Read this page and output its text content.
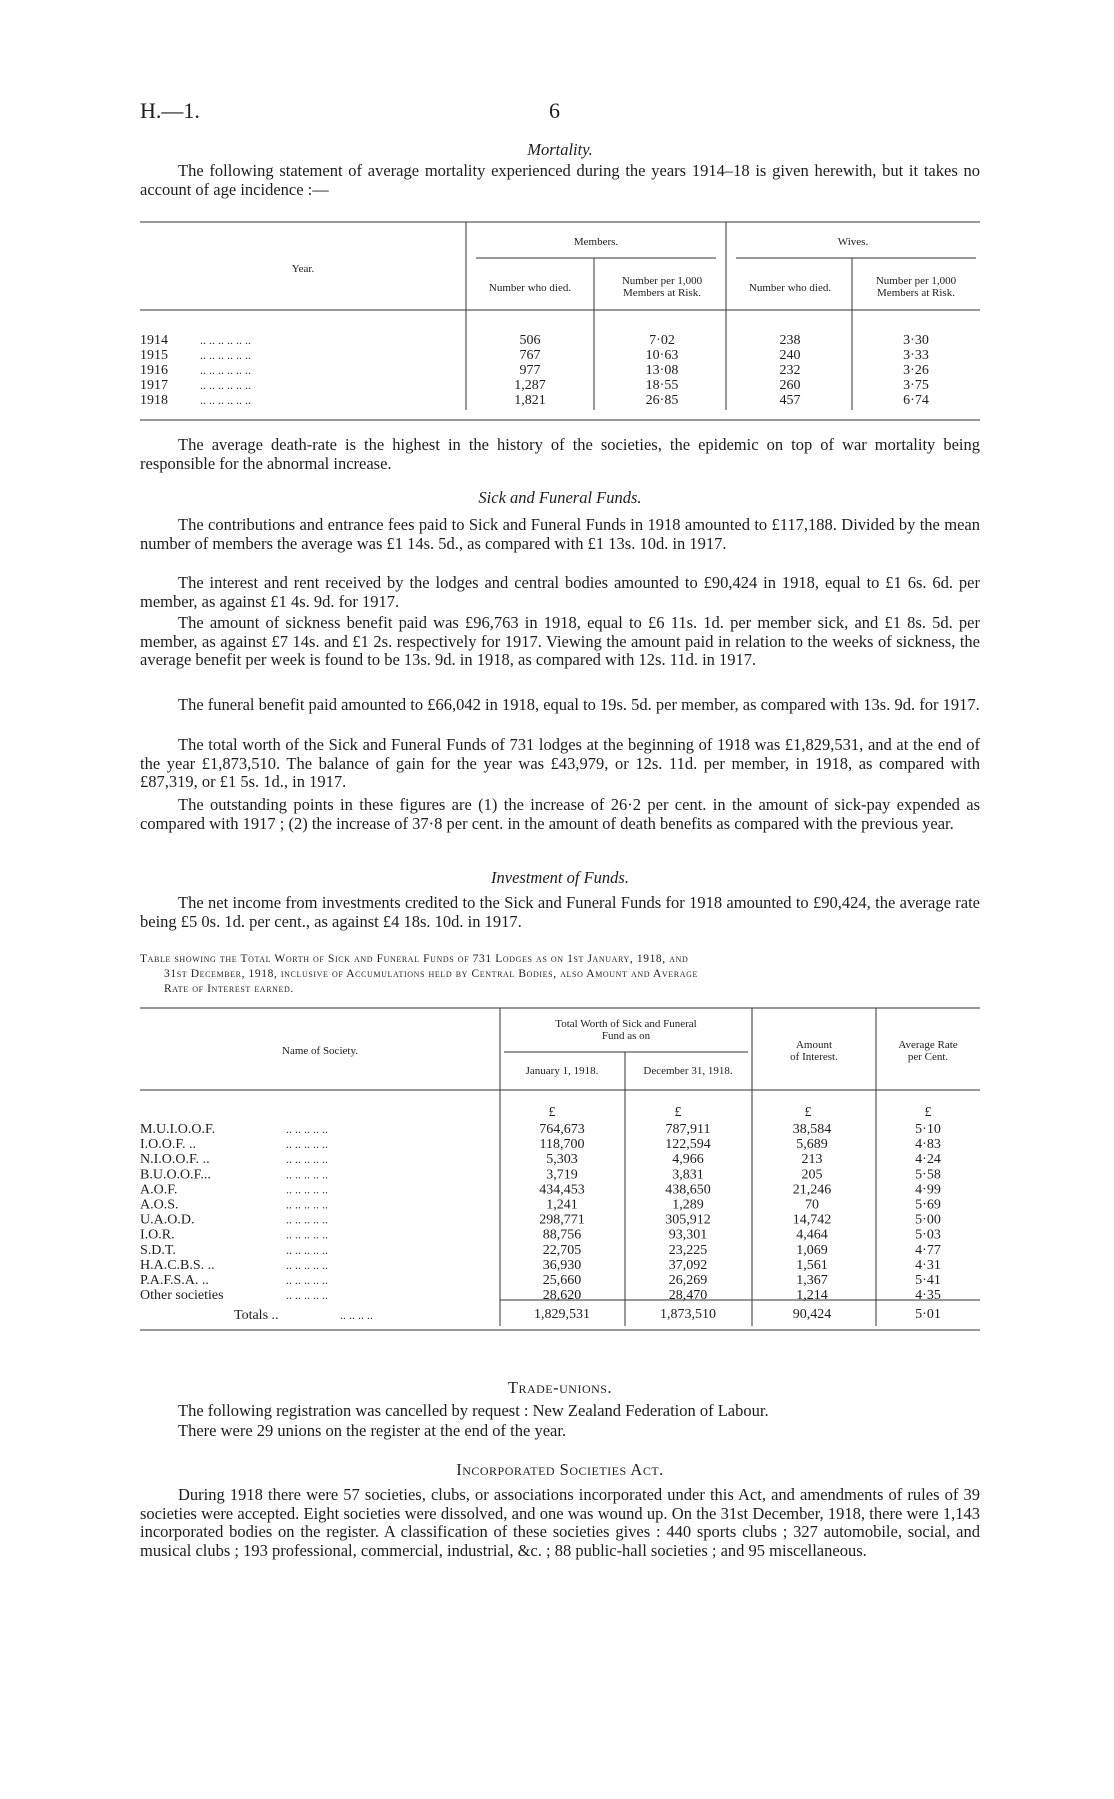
H.—1.	6
Mortality.
The following statement of average mortality experienced during the years 1914–18 is given herewith, but it takes no account of age incidence :—
Year.
Members.	Wives.
Number who died.
Number per 1,000
Members at Risk.	Number who died.
Number per 1,000
Members at Risk.
1914	.. .. .. .. .. ..	506	7·02	238	3·30
1915	.. .. .. .. .. ..	767	10·63	240	3·33
1916	.. .. .. .. .. ..	977	13·08	232	3·26
1917	.. .. .. .. .. ..	1,287	18·55	260	3·75
1918	.. .. .. .. .. ..	1,821	26·85	457	6·74
The average death-rate is the highest in the history of the societies, the epidemic on top of war mortality being responsible for the abnormal increase.
Sick and Funeral Funds.
The contributions and entrance fees paid to Sick and Funeral Funds in 1918 amounted to £117,188. Divided by the mean number of members the average was £1 14s. 5d., as compared with £1 13s. 10d. in 1917.
The interest and rent received by the lodges and central bodies amounted to £90,424 in 1918, equal to £1 6s. 6d. per member, as against £1 4s. 9d. for 1917.
The amount of sickness benefit paid was £96,763 in 1918, equal to £6 11s. 1d. per member sick, and £1 8s. 5d. per member, as against £7 14s. and £1 2s. respectively for 1917. Viewing the amount paid in relation to the weeks of sickness, the average benefit per week is found to be 13s. 9d. in 1918, as compared with 12s. 11d. in 1917.
The funeral benefit paid amounted to £66,042 in 1918, equal to 19s. 5d. per member, as compared with 13s. 9d. for 1917.
The total worth of the Sick and Funeral Funds of 731 lodges at the beginning of 1918 was £1,829,531, and at the end of the year £1,873,510. The balance of gain for the year was £43,979, or 12s. 11d. per member, in 1918, as compared with £87,319, or £1 5s. 1d., in 1917.
The outstanding points in these figures are (1) the increase of 26·2 per cent. in the amount of sick-pay expended as compared with 1917 ; (2) the increase of 37·8 per cent. in the amount of death benefits as compared with the previous year.
Investment of Funds.
The net income from investments credited to the Sick and Funeral Funds for 1918 amounted to £90,424, the average rate being £5 0s. 1d. per cent., as against £4 18s. 10d. in 1917.
Table showing the Total Worth of Sick and Funeral Funds of 731 Lodges as on 1st January, 1918, and
31st December, 1918, inclusive of Accumulations held by Central Bodies, also Amount and Average
Rate of Interest earned.
Name of Society.
Total Worth of Sick and Funeral
Fund as on
January 1, 1918.	December 31, 1918.
Amount
of Interest.
Average Rate
per Cent.
£	£	£	£
M.U.I.O.O.F.	.. .. .. .. ..	764,673	787,911	38,584	5·10
I.O.O.F. ..	.. .. .. .. ..	118,700	122,594	5,689	4·83
N.I.O.O.F. ..	.. .. .. .. ..	5,303	4,966	213	4·24
B.U.O.O.F...	.. .. .. .. ..	3,719	3,831	205	5·58
A.O.F.	.. .. .. .. ..	434,453	438,650	21,246	4·99
A.O.S.	.. .. .. .. ..	1,241	1,289	70	5·69
U.A.O.D.	.. .. .. .. ..	298,771	305,912	14,742	5·00
I.O.R.	.. .. .. .. ..	88,756	93,301	4,464	5·03
S.D.T.	.. .. .. .. ..	22,705	23,225	1,069	4·77
H.A.C.B.S. ..	.. .. .. .. ..	36,930	37,092	1,561	4·31
P.A.F.S.A. ..	.. .. .. .. ..	25,660	26,269	1,367	5·41
Other societies	.. .. .. .. ..	28,620	28,470	1,214	4·35
Totals ..	.. .. .. ..	1,829,531	1,873,510	90,424	5·01
Trade-unions.
The following registration was cancelled by request : New Zealand Federation of Labour.
There were 29 unions on the register at the end of the year.
Incorporated Societies Act.
During 1918 there were 57 societies, clubs, or associations incorporated under this Act, and amendments of rules of 39 societies were accepted. Eight societies were dissolved, and one was wound up. On the 31st December, 1918, there were 1,143 incorporated bodies on the register. A classification of these societies gives : 440 sports clubs ; 327 automobile, social, and musical clubs ; 193 professional, commercial, industrial, &c. ; 88 public-hall societies ; and 95 miscellaneous.
